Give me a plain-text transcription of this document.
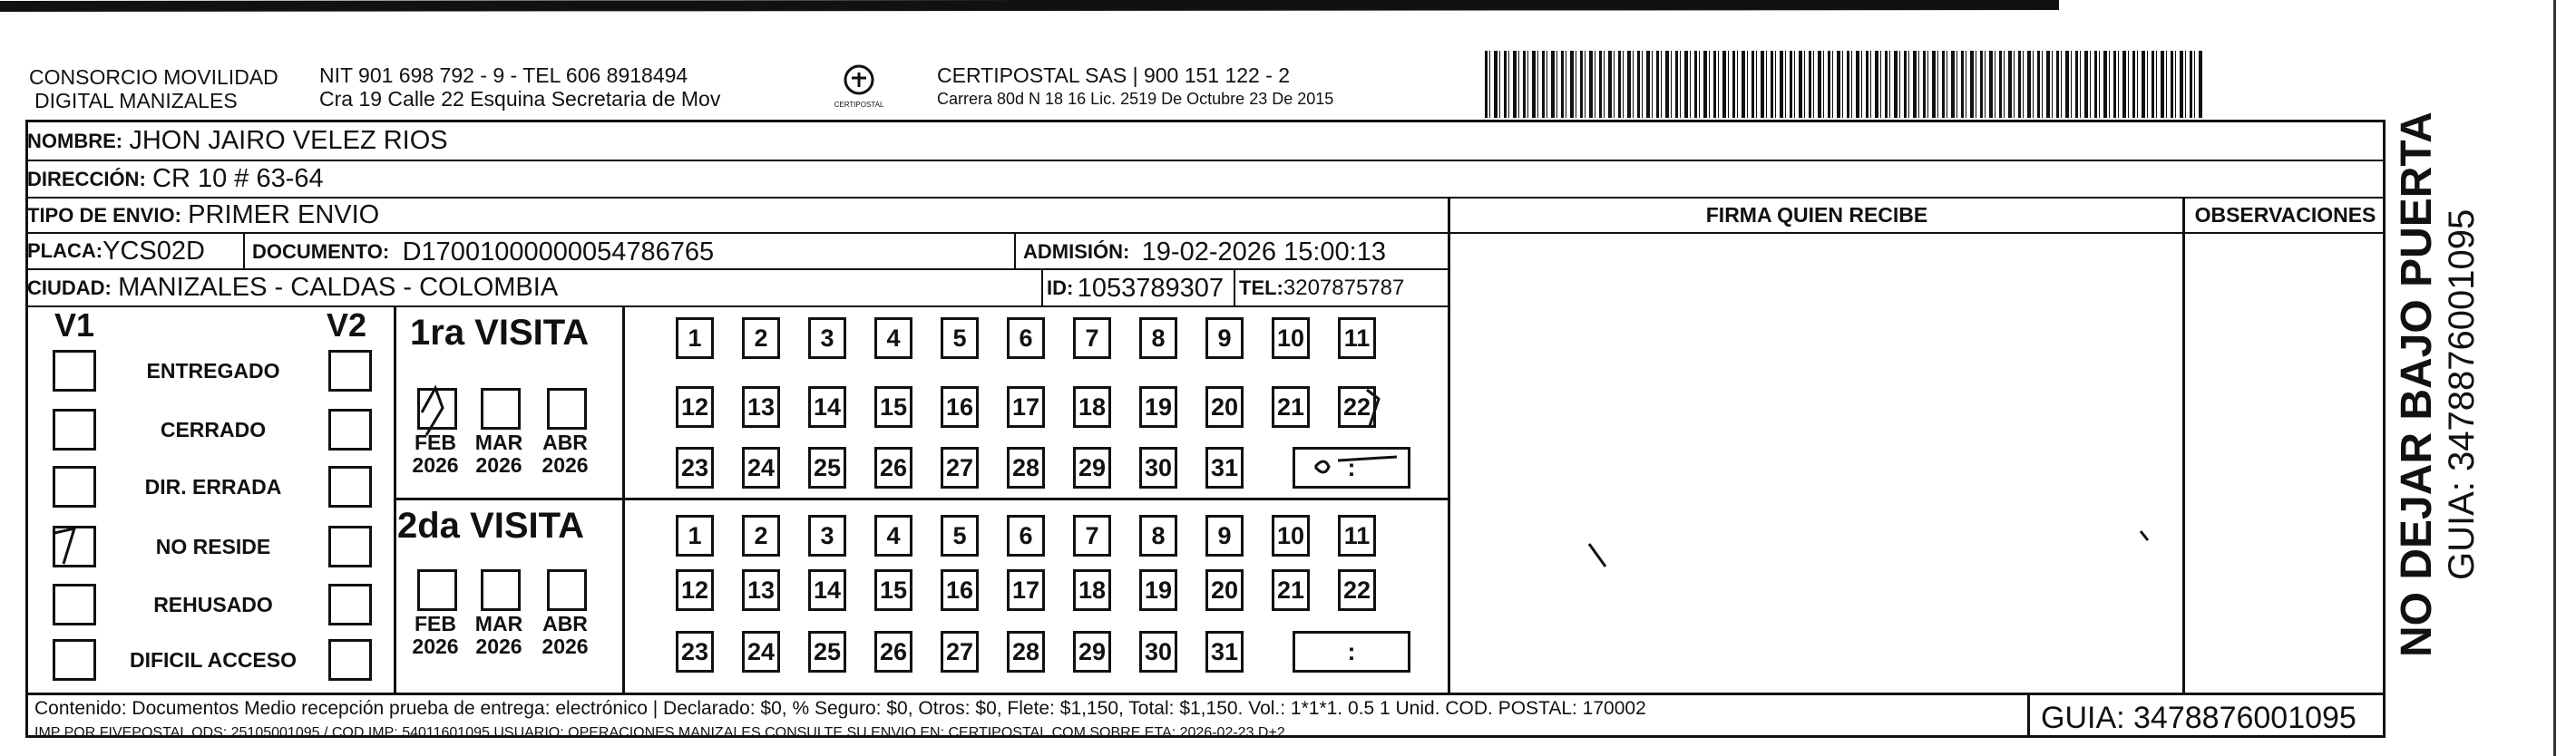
CONSORCIO MOVILIDAD
DIGITAL MANIZALES
NIT 901 698 792 - 9 - TEL 606 8918494
Cra 19 Calle 22 Esquina Secretaria de Mov	CERTIPOSTAL
CERTIPOSTAL SAS | 900 151 122 - 2
Carrera 80d N 18 16 Lic. 2519 De Octubre 23 De 2015
NOMBRE:
JHON JAIRO VELEZ RIOS
DIRECCIÓN:
CR 10 # 63-64
TIPO DE ENVIO:
PRIMER ENVIO
PLACA: YCS02D DOCUMENTO:
D17001000000054786765	ADMISIÓN:
19-02-2026 15:00:13
CIUDAD:
MANIZALES - CALDAS - COLOMBIA	ID:
1053789307 TEL: 3207875787
FIRMA QUIEN RECIBE	OBSERVACIONES
V1	V2
ENTREGADO
CERRADO
DIR. ERRADA
NO RESIDE
REHUSADO
DIFICIL ACCESO
1ra VISITA
2da VISITA
FEB
2026
MAR
2026
ABR
2026
1	2	3	4	5	6	7	8	9	10 11
12 13 14 15 16 17 18 19 20 21 22
23 24 25 26 27 28 29 30 31	:
FEB
2026
MAR
2026
ABR
2026
1	2	3	4	5	6	7	8	9	10 11
12 13 14 15 16 17 18 19 20 21 22
23 24 25 26 27 28 29 30 31	:	NO DEJAR BAJO PUERTA GUIA: 3478876001095
Contenido: Documentos Medio recepción prueba de entrega: electrónico | Declarado: $0, % Seguro: $0, Otros: $0, Flete: $1,150, Total: $1,150. Vol.: 1*1*1. 0.5 1 Unid. COD. POSTAL: 170002
IMP POR FIVEPOSTAL ODS: 25105001095 / COD.IMP: 54011601095 USUARIO: OPERACIONES MANIZALES CONSULTE SU ENVIO EN: CERTIPOSTAL.COM SOBRE ETA: 2026-02-23 D+2	GUIA: 3478876001095
